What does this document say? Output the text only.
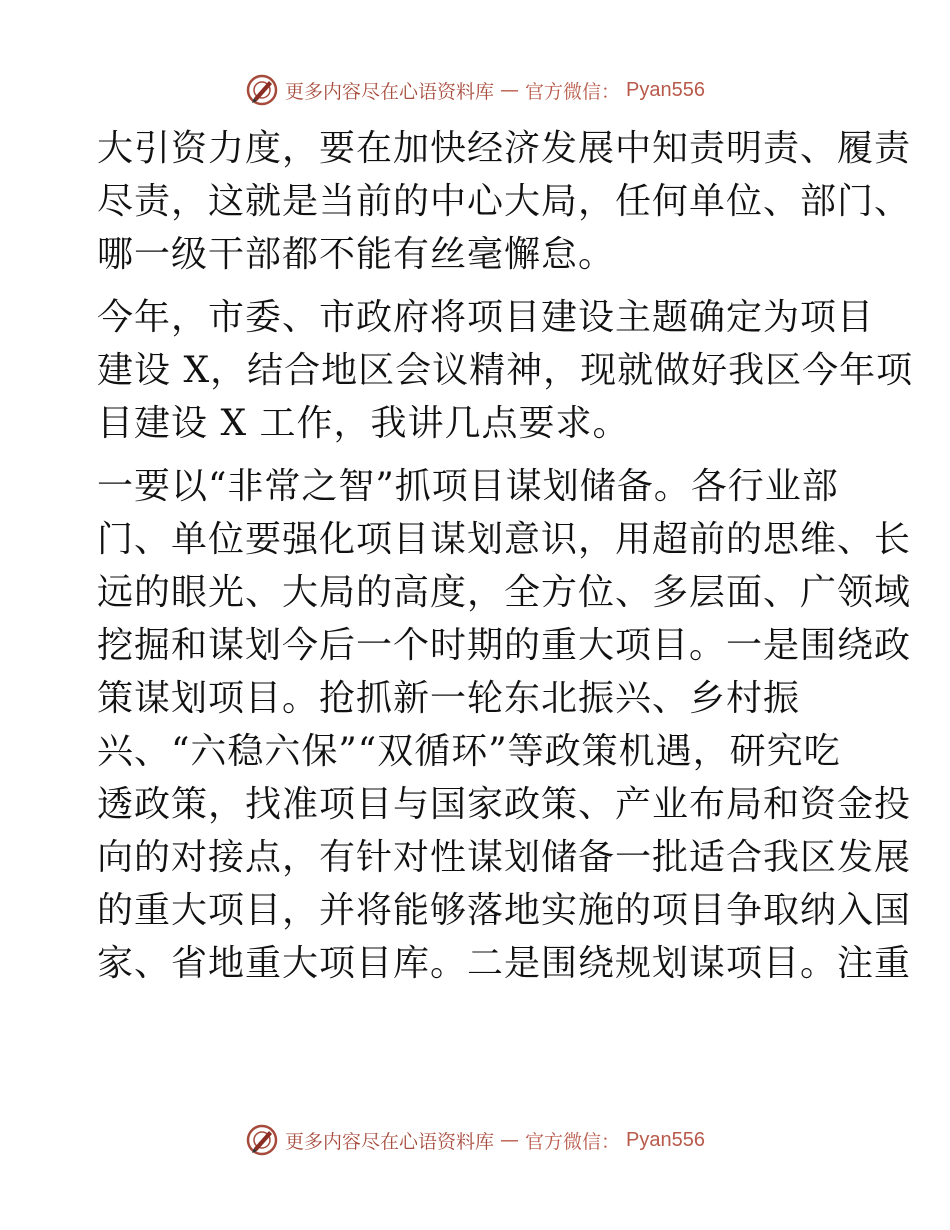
更多内容尽在心语资料库 — 官方微信： Pyan556

大引资力度，要在加快经济发展中知责明责、履责
尽责，这就是当前的中心大局，任何单位、部门、
哪一级干部都不能有丝毫懈怠。

今年，市委、市政府将项目建设主题确定为项目
建设 X，结合地区会议精神，现就做好我区今年项
目建设 X 工作，我讲几点要求。

一要以“非常之智”抓项目谋划储备。各行业部
门、单位要强化项目谋划意识，用超前的思维、长
远的眼光、大局的高度，全方位、多层面、广领域
挖掘和谋划今后一个时期的重大项目。一是围绕政
策谋划项目。抢抓新一轮东北振兴、乡村振
兴、“六稳六保”“双循环”等政策机遇，研究吃
透政策，找准项目与国家政策、产业布局和资金投
向的对接点，有针对性谋划储备一批适合我区发展
的重大项目，并将能够落地实施的项目争取纳入国
家、省地重大项目库。二是围绕规划谋项目。注重

更多内容尽在心语资料库 — 官方微信： Pyan556
